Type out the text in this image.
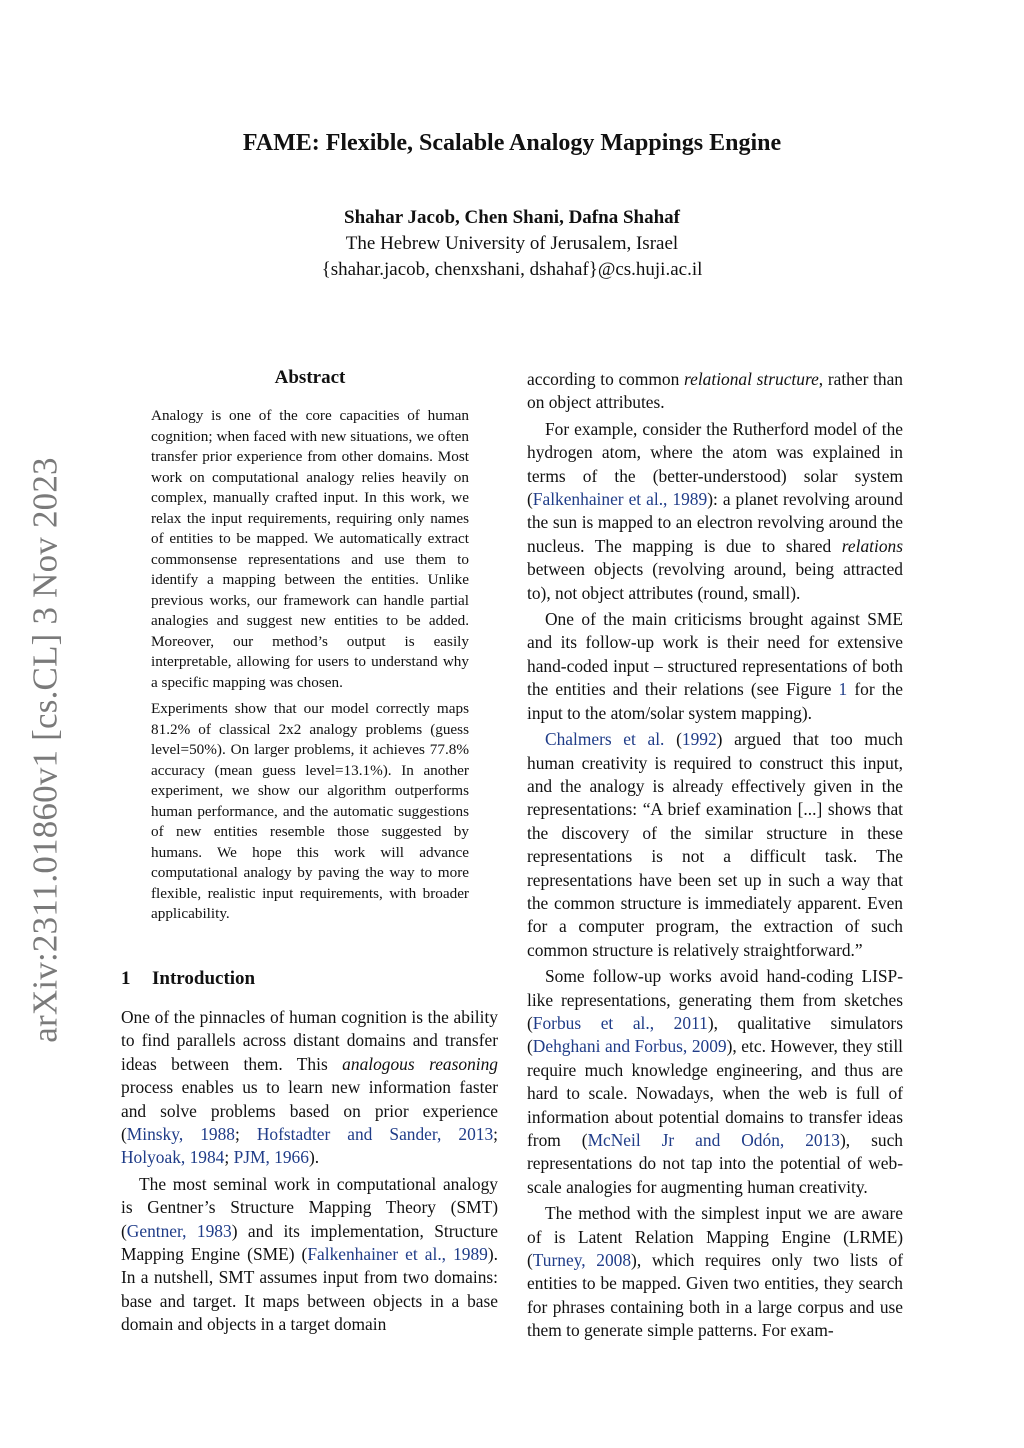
arXiv:2311.01860v1 [cs.CL] 3 Nov 2023
FAME: Flexible, Scalable Analogy Mappings Engine
Shahar Jacob, Chen Shani, Dafna Shahaf
The Hebrew University of Jerusalem, Israel
{shahar.jacob, chenxshani, dshahaf}@cs.huji.ac.il
Abstract

Analogy is one of the core capacities of human cognition; when faced with new situations, we often transfer prior experience from other domains. Most work on computational analogy relies heavily on complex, manually crafted input. In this work, we relax the input requirements, requiring only names of entities to be mapped. We automatically extract commonsense representations and use them to identify a mapping between the entities. Unlike previous works, our framework can handle partial analogies and suggest new entities to be added. Moreover, our method’s output is easily interpretable, allowing for users to understand why a specific mapping was chosen.

Experiments show that our model correctly maps 81.2% of classical 2x2 analogy problems (guess level=50%). On larger problems, it achieves 77.8% accuracy (mean guess level=13.1%). In another experiment, we show our algorithm outperforms human performance, and the automatic suggestions of new entities resemble those suggested by humans. We hope this work will advance computational analogy by paving the way to more flexible, realistic input requirements, with broader applicability.

1 Introduction

One of the pinnacles of human cognition is the ability to find parallels across distant domains and transfer ideas between them. This analogous reasoning process enables us to learn new information faster and solve problems based on prior experience (Minsky, 1988; Hofstadter and Sander, 2013; Holyoak, 1984; PJM, 1966).

The most seminal work in computational analogy is Gentner’s Structure Mapping Theory (SMT) (Gentner, 1983) and its implementation, Structure Mapping Engine (SME) (Falkenhainer et al., 1989). In a nutshell, SMT assumes input from two domains: base and target. It maps between objects in a base domain and objects in a target domain

according to common relational structure, rather than on object attributes.

For example, consider the Rutherford model of the hydrogen atom, where the atom was explained in terms of the (better-understood) solar system (Falkenhainer et al., 1989): a planet revolving around the sun is mapped to an electron revolving around the nucleus. The mapping is due to shared relations between objects (revolving around, being attracted to), not object attributes (round, small).

One of the main criticisms brought against SME and its follow-up work is their need for extensive hand-coded input – structured representations of both the entities and their relations (see Figure 1 for the input to the atom/solar system mapping).

Chalmers et al. (1992) argued that too much human creativity is required to construct this input, and the analogy is already effectively given in the representations: “A brief examination [...] shows that the discovery of the similar structure in these representations is not a difficult task. The representations have been set up in such a way that the common structure is immediately apparent. Even for a computer program, the extraction of such common structure is relatively straightforward.”

Some follow-up works avoid hand-coding LISP-like representations, generating them from sketches (Forbus et al., 2011), qualitative simulators (Dehghani and Forbus, 2009), etc. However, they still require much knowledge engineering, and thus are hard to scale. Nowadays, when the web is full of information about potential domains to transfer ideas from (McNeil Jr and Odón, 2013), such representations do not tap into the potential of web-scale analogies for augmenting human creativity.

The method with the simplest input we are aware of is Latent Relation Mapping Engine (LRME) (Turney, 2008), which requires only two lists of entities to be mapped. Given two entities, they search for phrases containing both in a large corpus and use them to generate simple patterns. For exam-
